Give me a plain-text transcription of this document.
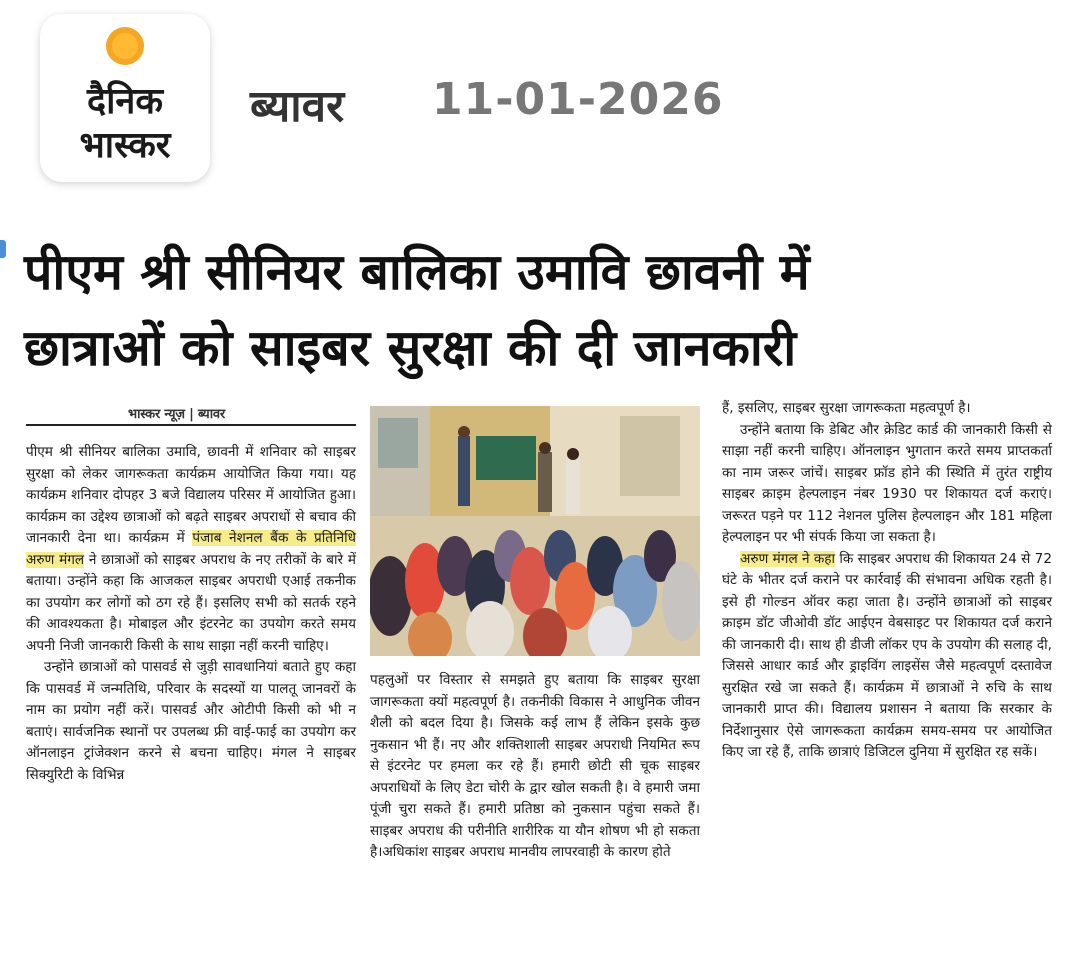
दैनिक
भास्कर
ब्यावर 11-01-2026
पीएम श्री सीनियर बालिका उमावि छावनी में
छात्राओं को साइबर सुरक्षा की दी जानकारी
भास्कर न्यूज़ | ब्यावर

पीएम श्री सीनियर बालिका उमावि, छावनी में शनिवार को साइबर सुरक्षा को लेकर जागरूकता कार्यक्रम आयोजित किया गया। यह कार्यक्रम शनिवार दोपहर 3 बजे विद्यालय परिसर में आयोजित हुआ। कार्यक्रम का उद्देश्य छात्राओं को बढ़ते साइबर अपराधों से बचाव की जानकारी देना था। कार्यक्रम में पंजाब नेशनल बैंक के प्रतिनिधि अरुण मंगल ने छात्राओं को साइबर अपराध के नए तरीकों के बारे में बताया। उन्होंने कहा कि आजकल साइबर अपराधी एआई तकनीक का उपयोग कर लोगों को ठग रहे हैं। इसलिए सभी को सतर्क रहने की आवश्यकता है। मोबाइल और इंटरनेट का उपयोग करते समय अपनी निजी जानकारी किसी के साथ साझा नहीं करनी चाहिए।

उन्होंने छात्राओं को पासवर्ड से जुड़ी सावधानियां बताते हुए कहा कि पासवर्ड में जन्मतिथि, परिवार के सदस्यों या पालतू जानवरों के नाम का प्रयोग नहीं करें। पासवर्ड और ओटीपी किसी को भी न बताएं। सार्वजनिक स्थानों पर उपलब्ध फ्री वाई-फाई का उपयोग कर ऑनलाइन ट्रांजेक्शन करने से बचना चाहिए। मंगल ने साइबर सिक्युरिटी के विभिन्न

पहलुओं पर विस्तार से समझते हुए बताया कि साइबर सुरक्षा जागरूकता क्यों महत्वपूर्ण है। तकनीकी विकास ने आधुनिक जीवन शैली को बदल दिया है। जिसके कई लाभ हैं लेकिन इसके कुछ नुकसान भी हैं। नए और शक्तिशाली साइबर अपराधी नियमित रूप से इंटरनेट पर हमला कर रहे हैं। हमारी छोटी सी चूक साइबर अपराधियों के लिए डेटा चोरी के द्वार खोल सकती है। वे हमारी जमा पूंजी चुरा सकते हैं। हमारी प्रतिष्ठा को नुकसान पहुंचा सकते हैं। साइबर अपराध की परीनीति शारीरिक या यौन शोषण भी हो सकता है।अधिकांश साइबर अपराध मानवीय लापरवाही के कारण होते

हैं, इसलिए, साइबर सुरक्षा जागरूकता महत्वपूर्ण है।

उन्होंने बताया कि डेबिट और क्रेडिट कार्ड की जानकारी किसी से साझा नहीं करनी चाहिए। ऑनलाइन भुगतान करते समय प्राप्तकर्ता का नाम जरूर जांचें। साइबर फ्रॉड होने की स्थिति में तुरंत राष्ट्रीय साइबर क्राइम हेल्पलाइन नंबर 1930 पर शिकायत दर्ज कराएं। जरूरत पड़ने पर 112 नेशनल पुलिस हेल्पलाइन और 181 महिला हेल्पलाइन पर भी संपर्क किया जा सकता है।

अरुण मंगल ने कहा कि साइबर अपराध की शिकायत 24 से 72 घंटे के भीतर दर्ज कराने पर कार्रवाई की संभावना अधिक रहती है। इसे ही गोल्डन ऑवर कहा जाता है। उन्होंने छात्राओं को साइबर क्राइम डॉट जीओवी डॉट आईएन वेबसाइट पर शिकायत दर्ज कराने की जानकारी दी। साथ ही डीजी लॉकर एप के उपयोग की सलाह दी, जिससे आधार कार्ड और ड्राइविंग लाइसेंस जैसे महत्वपूर्ण दस्तावेज सुरक्षित रखे जा सकते हैं। कार्यक्रम में छात्राओं ने रुचि के साथ जानकारी प्राप्त की। विद्यालय प्रशासन ने बताया कि सरकार के निर्देशानुसार ऐसे जागरूकता कार्यक्रम समय-समय पर आयोजित किए जा रहे हैं, ताकि छात्राएं डिजिटल दुनिया में सुरक्षित रह सकें।
